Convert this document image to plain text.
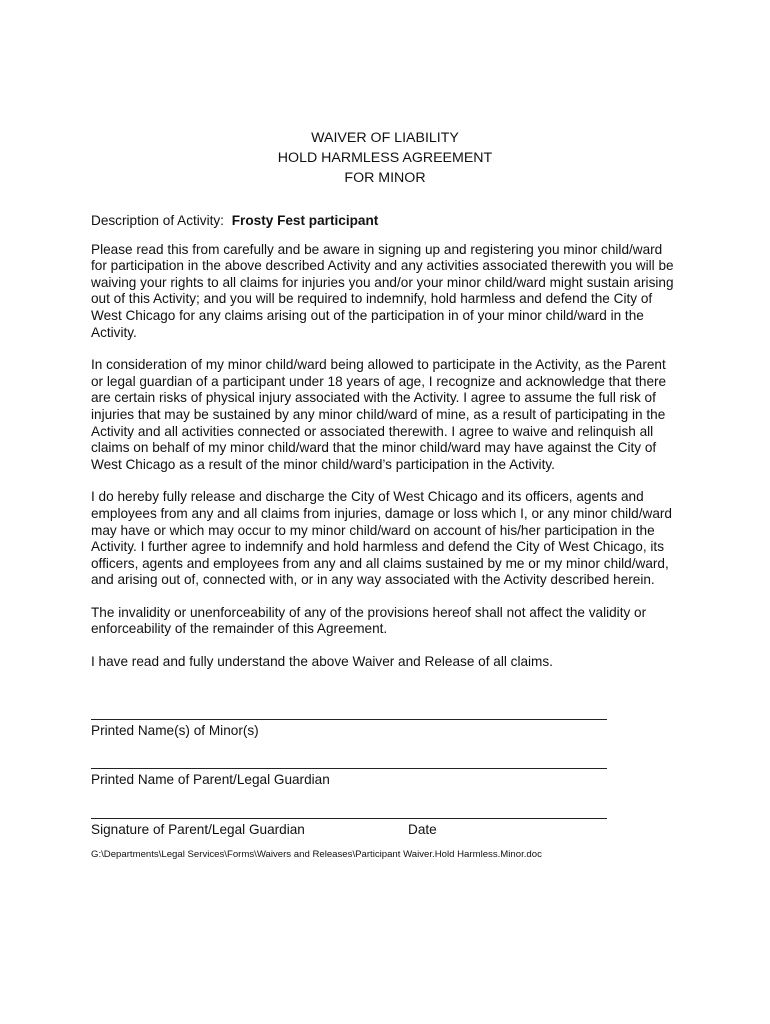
WAIVER OF LIABILITY
HOLD HARMLESS AGREEMENT
FOR MINOR

Description of Activity: Frosty Fest participant

Please read this from carefully and be aware in signing up and registering you minor child/ward for participation in the above described Activity and any activities associated therewith you will be waiving your rights to all claims for injuries you and/or your minor child/ward might sustain arising out of this Activity; and you will be required to indemnify, hold harmless and defend the City of West Chicago for any claims arising out of the participation in of your minor child/ward in the Activity.

In consideration of my minor child/ward being allowed to participate in the Activity, as the Parent or legal guardian of a participant under 18 years of age, I recognize and acknowledge that there are certain risks of physical injury associated with the Activity. I agree to assume the full risk of injuries that may be sustained by any minor child/ward of mine, as a result of participating in the Activity and all activities connected or associated therewith. I agree to waive and relinquish all claims on behalf of my minor child/ward that the minor child/ward may have against the City of West Chicago as a result of the minor child/ward’s participation in the Activity.

I do hereby fully release and discharge the City of West Chicago and its officers, agents and employees from any and all claims from injuries, damage or loss which I, or any minor child/ward may have or which may occur to my minor child/ward on account of his/her participation in the Activity. I further agree to indemnify and hold harmless and defend the City of West Chicago, its officers, agents and employees from any and all claims sustained by me or my minor child/ward, and arising out of, connected with, or in any way associated with the Activity described herein.

The invalidity or unenforceability of any of the provisions hereof shall not affect the validity or enforceability of the remainder of this Agreement.

I have read and fully understand the above Waiver and Release of all claims.

Printed Name(s) of Minor(s)
Printed Name of Parent/Legal Guardian
Signature of Parent/Legal Guardian	Date
G:\Departments\Legal Services\Forms\Waivers and Releases\Participant Waiver.Hold Harmless.Minor.doc
